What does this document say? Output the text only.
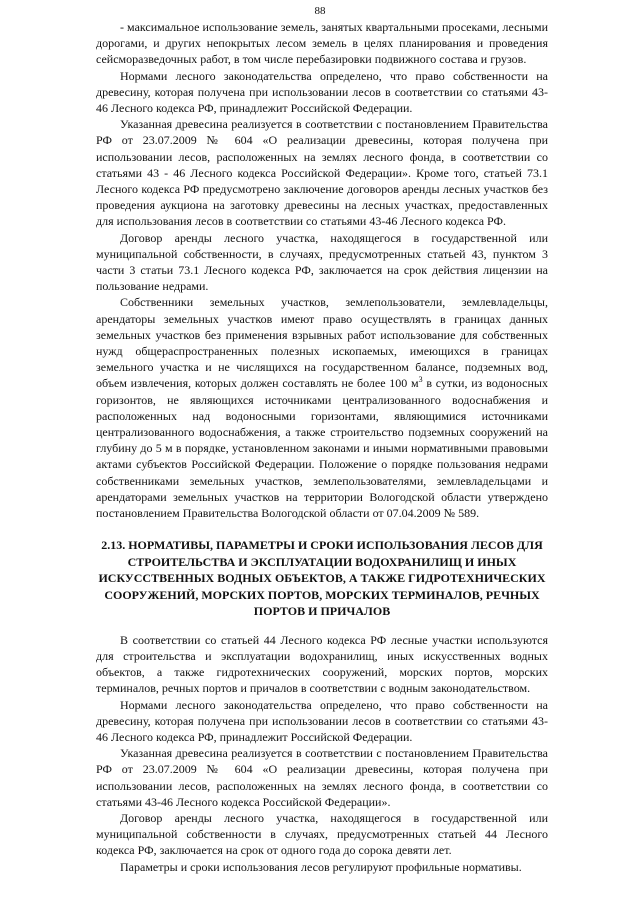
88

- максимальное использование земель, занятых квартальными просеками, лесными дорогами, и других непокрытых лесом земель в целях планирования и проведения сейсморазведочных работ, в том числе перебазировки подвижного состава и грузов.

Нормами лесного законодательства определено, что право собственности на древесину, которая получена при использовании лесов в соответствии со статьями 43-46 Лесного кодекса РФ, принадлежит Российской Федерации.

Указанная древесина реализуется в соответствии с постановлением Правительства РФ от 23.07.2009 № 604 «О реализации древесины, которая получена при использовании лесов, расположенных на землях лесного фонда, в соответствии со статьями 43 - 46 Лесного кодекса Российской Федерации». Кроме того, статьей 73.1 Лесного кодекса РФ предусмотрено заключение договоров аренды лесных участков без проведения аукциона на заготовку древесины на лесных участках, предоставленных для использования лесов в соответствии со статьями 43-46 Лесного кодекса РФ.

Договор аренды лесного участка, находящегося в государственной или муниципальной собственности, в случаях, предусмотренных статьей 43, пунктом 3 части 3 статьи 73.1 Лесного кодекса РФ, заключается на срок действия лицензии на пользование недрами.

Собственники земельных участков, землепользователи, землевладельцы, арендаторы земельных участков имеют право осуществлять в границах данных земельных участков без применения взрывных работ использование для собственных нужд общераспространенных полезных ископаемых, имеющихся в границах земельного участка и не числящихся на государственном балансе, подземных вод, объем извлечения, которых должен составлять не более 100 $м^3$ в сутки, из водоносных горизонтов, не являющихся источниками централизованного водоснабжения и расположенных над водоносными горизонтами, являющимися источниками централизованного водоснабжения, а также строительство подземных сооружений на глубину до 5 м в порядке, установленном законами и иными нормативными правовыми актами субъектов Российской Федерации. Положение о порядке пользования недрами собственниками земельных участков, землепользователями, землевладельцами и арендаторами земельных участков на территории Вологодской области утверждено постановлением Правительства Вологодской области от 07.04.2009 № 589.

2.13. НОРМАТИВЫ, ПАРАМЕТРЫ И СРОКИ ИСПОЛЬЗОВАНИЯ ЛЕСОВ ДЛЯ СТРОИТЕЛЬСТВА И ЭКСПЛУАТАЦИИ ВОДОХРАНИЛИЩ И ИНЫХ ИСКУССТВЕННЫХ ВОДНЫХ ОБЪЕКТОВ, А ТАКЖЕ ГИДРОТЕХНИЧЕСКИХ СООРУЖЕНИЙ, МОРСКИХ ПОРТОВ, МОРСКИХ ТЕРМИНАЛОВ, РЕЧНЫХ ПОРТОВ И ПРИЧАЛОВ

В соответствии со статьей 44 Лесного кодекса РФ лесные участки используются для строительства и эксплуатации водохранилищ, иных искусственных водных объектов, а также гидротехнических сооружений, морских портов, морских терминалов, речных портов и причалов в соответствии с водным законодательством.

Нормами лесного законодательства определено, что право собственности на древесину, которая получена при использовании лесов в соответствии со статьями 43-46 Лесного кодекса РФ, принадлежит Российской Федерации.

Указанная древесина реализуется в соответствии с постановлением Правительства РФ от 23.07.2009 № 604 «О реализации древесины, которая получена при использовании лесов, расположенных на землях лесного фонда, в соответствии со статьями 43-46 Лесного кодекса Российской Федерации».

Договор аренды лесного участка, находящегося в государственной или муниципальной собственности в случаях, предусмотренных статьей 44 Лесного кодекса РФ, заключается на срок от одного года до сорока девяти лет.

Параметры и сроки использования лесов регулируют профильные нормативы.
